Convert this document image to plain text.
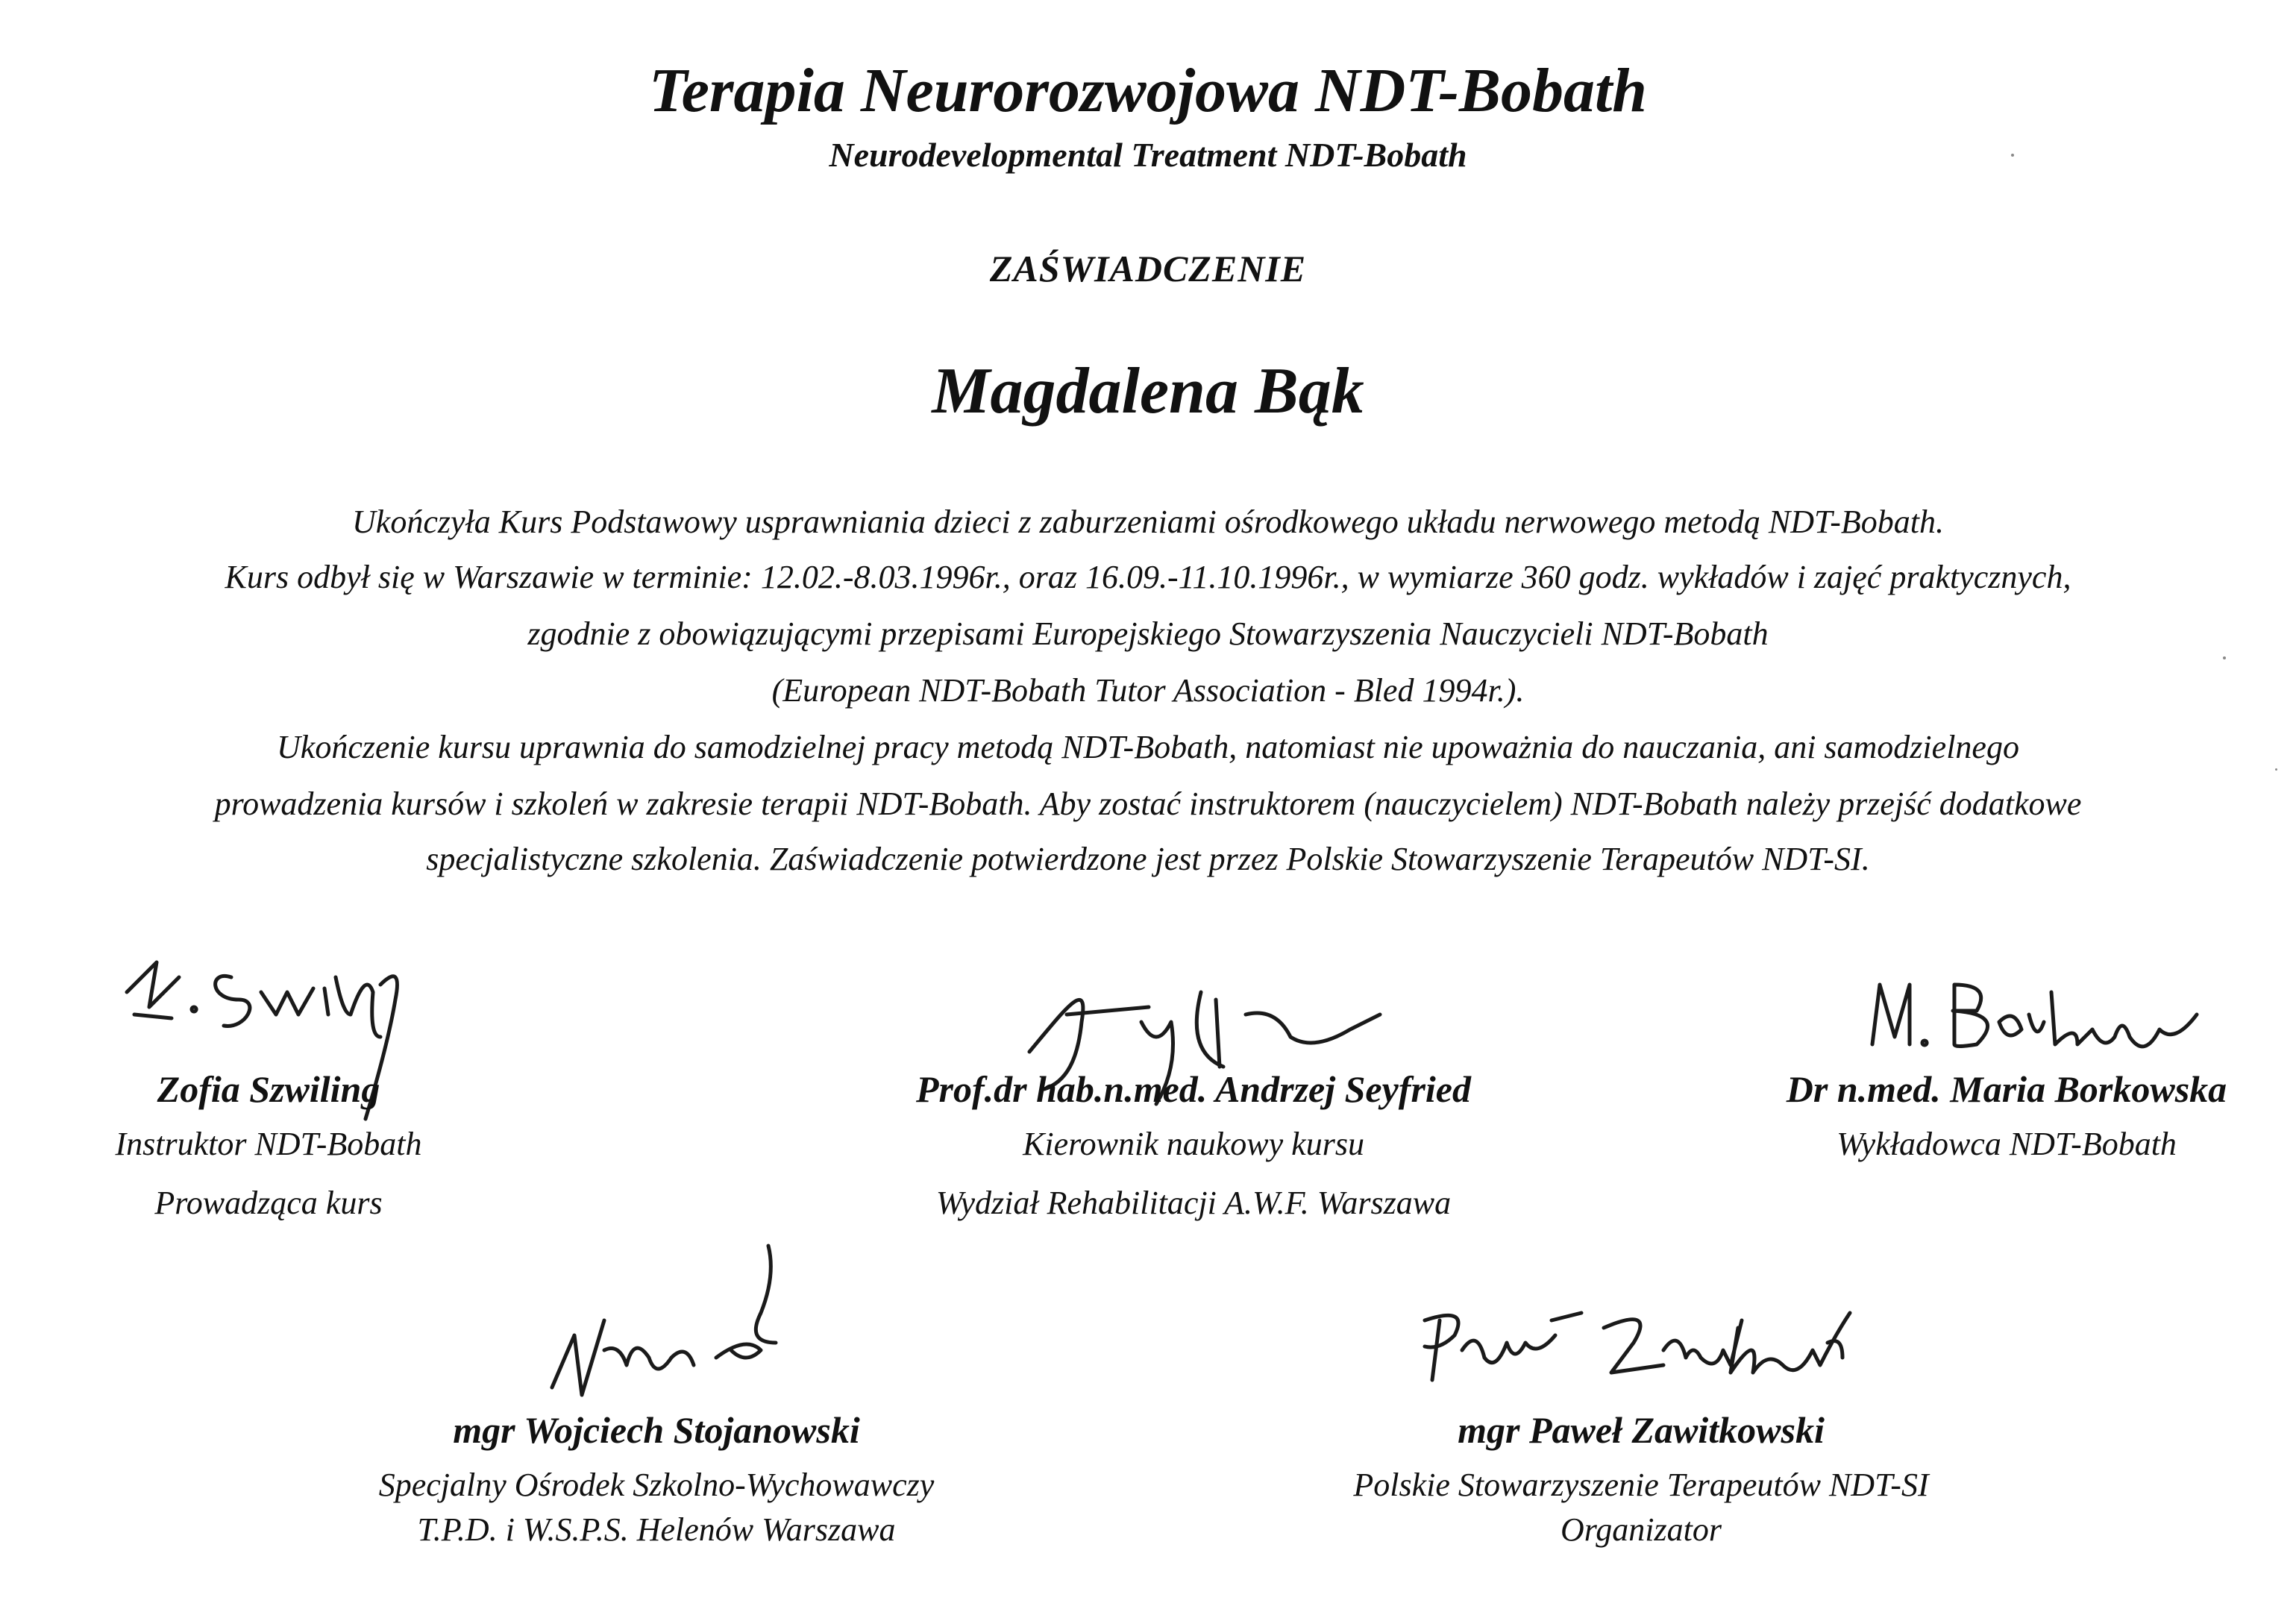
Terapia Neurorozwojowa NDT-Bobath
Neurodevelopmental Treatment NDT-Bobath
ZAŚWIADCZENIE
Magdalena Bąk
Ukończyła Kurs Podstawowy usprawniania dzieci z zaburzeniami ośrodkowego układu nerwowego metodą NDT-Bobath.
Kurs odbył się w Warszawie w terminie: 12.02.-8.03.1996r., oraz 16.09.-11.10.1996r., w wymiarze 360 godz. wykładów i zajęć praktycznych,
zgodnie z obowiązującymi przepisami Europejskiego Stowarzyszenia Nauczycieli NDT-Bobath
(European NDT-Bobath Tutor Association - Bled 1994r.).
Ukończenie kursu uprawnia do samodzielnej pracy metodą NDT-Bobath, natomiast nie upoważnia do nauczania, ani samodzielnego
prowadzenia kursów i szkoleń w zakresie terapii NDT-Bobath. Aby zostać instruktorem (nauczycielem) NDT-Bobath należy przejść dodatkowe
specjalistyczne szkolenia. Zaświadczenie potwierdzone jest przez Polskie Stowarzyszenie Terapeutów NDT-SI.
Zofia Szwiling
Instruktor NDT-Bobath
Prowadząca kurs
Prof.dr hab.n.med. Andrzej Seyfried
Kierownik naukowy kursu
Wydział Rehabilitacji A.W.F. Warszawa
Dr n.med. Maria Borkowska
Wykładowca NDT-Bobath
mgr Wojciech Stojanowski
Specjalny Ośrodek Szkolno-Wychowawczy
T.P.D. i W.S.P.S. Helenów Warszawa
mgr Paweł Zawitkowski
Polskie Stowarzyszenie Terapeutów NDT-SI
Organizator
